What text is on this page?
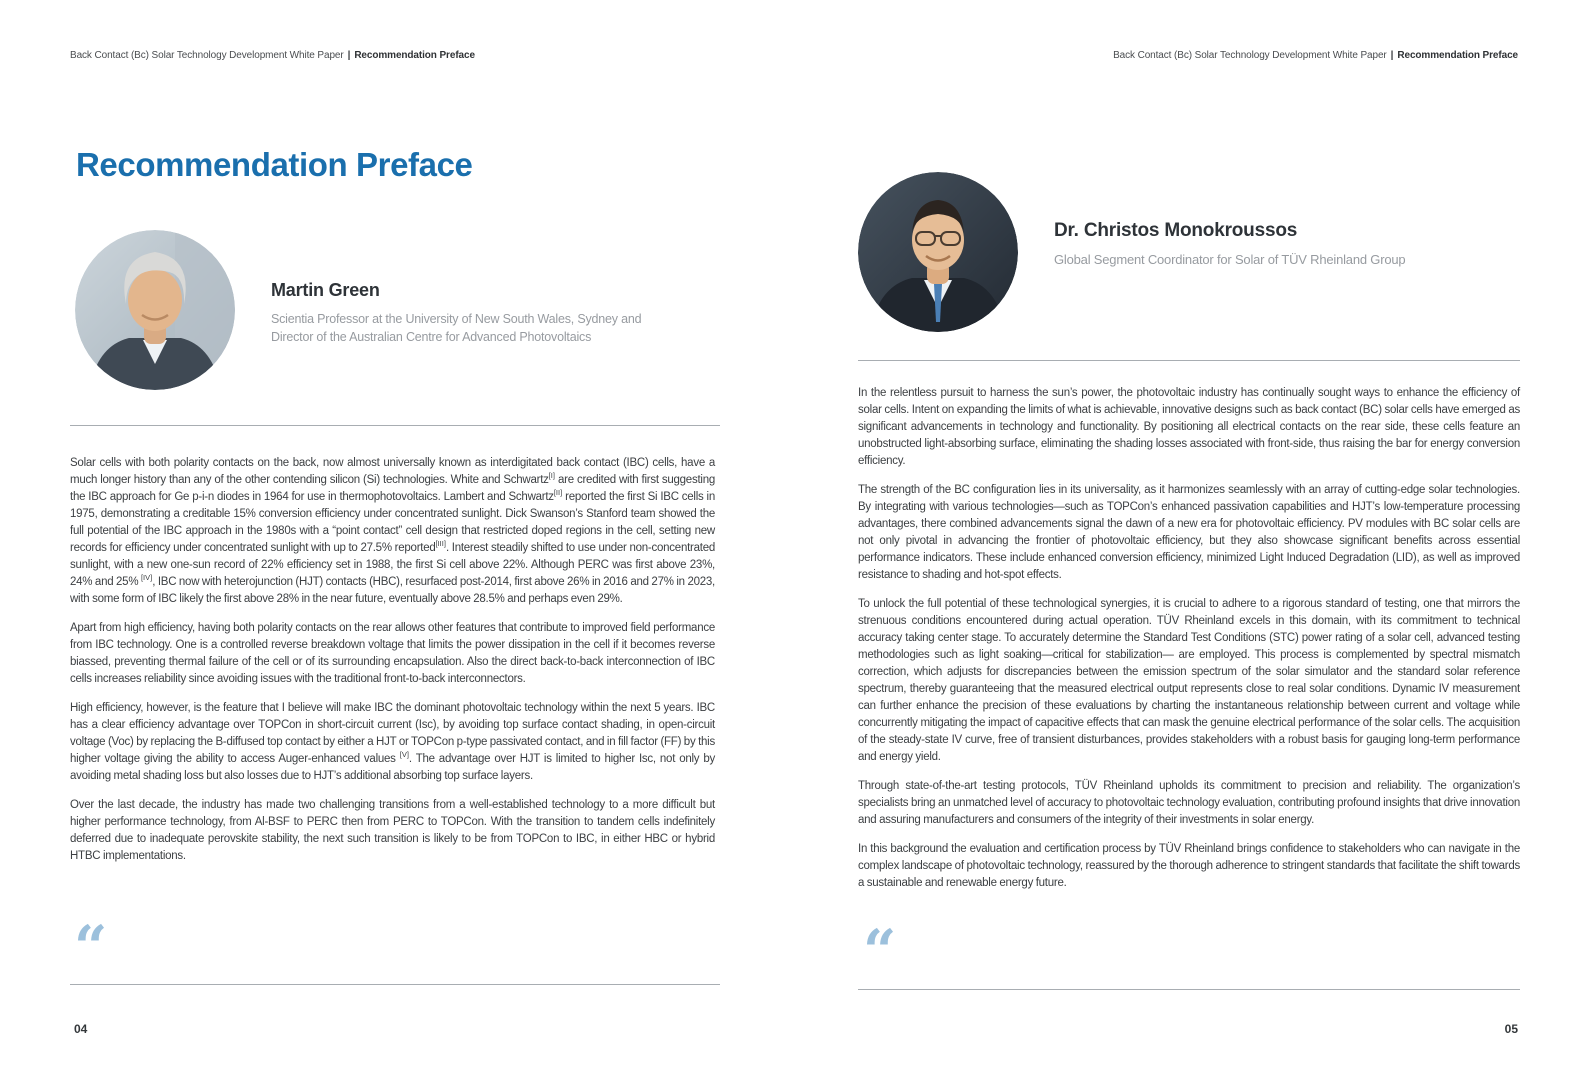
Back Contact (Bc) Solar Technology Development White Paper | Recommendation Preface
Recommendation Preface
Martin Green
Scientia Professor at the University of New South Wales, Sydney and Director of the Australian Centre for Advanced Photovoltaics

Solar cells with both polarity contacts on the back, now almost universally known as interdigitated back contact (IBC) cells, have a much longer history than any of the other contending silicon (Si) technologies. White and Schwartz[I] are credited with first suggesting the IBC approach for Ge p-i-n diodes in 1964 for use in thermophotovoltaics. Lambert and Schwartz[II] reported the first Si IBC cells in 1975, demonstrating a creditable 15% conversion efficiency under concentrated sunlight. Dick Swanson’s Stanford team showed the full potential of the IBC approach in the 1980s with a “point contact” cell design that restricted doped regions in the cell, setting new records for efficiency under concentrated sunlight with up to 27.5% reported[III]. Interest steadily shifted to use under non-concentrated sunlight, with a new one-sun record of 22% efficiency set in 1988, the first Si cell above 22%. Although PERC was first above 23%, 24% and 25% [IV], IBC now with heterojunction (HJT) contacts (HBC), resurfaced post-2014, first above 26% in 2016 and 27% in 2023, with some form of IBC likely the first above 28% in the near future, eventually above 28.5% and perhaps even 29%.

Apart from high efficiency, having both polarity contacts on the rear allows other features that contribute to improved field performance from IBC technology. One is a controlled reverse breakdown voltage that limits the power dissipation in the cell if it becomes reverse biassed, preventing thermal failure of the cell or of its surrounding encapsulation. Also the direct back-to-back interconnection of IBC cells increases reliability since avoiding issues with the traditional front-to-back interconnectors.

High efficiency, however, is the feature that I believe will make IBC the dominant photovoltaic technology within the next 5 years. IBC has a clear efficiency advantage over TOPCon in short-circuit current (Isc), by avoiding top surface contact shading, in open-circuit voltage (Voc) by replacing the B-diffused top contact by either a HJT or TOPCon p-type passivated contact, and in fill factor (FF) by this higher voltage giving the ability to access Auger-enhanced values [V]. The advantage over HJT is limited to higher Isc, not only by avoiding metal shading loss but also losses due to HJT’s additional absorbing top surface layers.

Over the last decade, the industry has made two challenging transitions from a well-established technology to a more difficult but higher performance technology, from Al-BSF to PERC then from PERC to TOPCon. With the transition to tandem cells indefinitely deferred due to inadequate perovskite stability, the next such transition is likely to be from TOPCon to IBC, in either HBC or hybrid HTBC implementations.

“
04
Back Contact (Bc) Solar Technology Development White Paper | Recommendation Preface
Dr. Christos Monokroussos
Global Segment Coordinator for Solar of TÜV Rheinland Group

In the relentless pursuit to harness the sun’s power, the photovoltaic industry has continually sought ways to enhance the efficiency of solar cells. Intent on expanding the limits of what is achievable, innovative designs such as back contact (BC) solar cells have emerged as significant advancements in technology and functionality. By positioning all electrical contacts on the rear side, these cells feature an unobstructed light-absorbing surface, eliminating the shading losses associated with front-side, thus raising the bar for energy conversion efficiency.

The strength of the BC configuration lies in its universality, as it harmonizes seamlessly with an array of cutting-edge solar technologies. By integrating with various technologies—such as TOPCon’s enhanced passivation capabilities and HJT’s low-temperature processing advantages, there combined advancements signal the dawn of a new era for photovoltaic efficiency. PV modules with BC solar cells are not only pivotal in advancing the frontier of photovoltaic efficiency, but they also showcase significant benefits across essential performance indicators. These include enhanced conversion efficiency, minimized Light Induced Degradation (LID), as well as improved resistance to shading and hot-spot effects.

To unlock the full potential of these technological synergies, it is crucial to adhere to a rigorous standard of testing, one that mirrors the strenuous conditions encountered during actual operation. TÜV Rheinland excels in this domain, with its commitment to technical accuracy taking center stage. To accurately determine the Standard Test Conditions (STC) power rating of a solar cell, advanced testing methodologies such as light soaking—critical for stabilization— are employed. This process is complemented by spectral mismatch correction, which adjusts for discrepancies between the emission spectrum of the solar simulator and the standard solar reference spectrum, thereby guaranteeing that the measured electrical output represents close to real solar conditions. Dynamic IV measurement can further enhance the precision of these evaluations by charting the instantaneous relationship between current and voltage while concurrently mitigating the impact of capacitive effects that can mask the genuine electrical performance of the solar cells. The acquisition of the steady-state IV curve, free of transient disturbances, provides stakeholders with a robust basis for gauging long-term performance and energy yield.

Through state-of-the-art testing protocols, TÜV Rheinland upholds its commitment to precision and reliability. The organization’s specialists bring an unmatched level of accuracy to photovoltaic technology evaluation, contributing profound insights that drive innovation and assuring manufacturers and consumers of the integrity of their investments in solar energy.

In this background the evaluation and certification process by TÜV Rheinland brings confidence to stakeholders who can navigate in the complex landscape of photovoltaic technology, reassured by the thorough adherence to stringent standards that facilitate the shift towards a sustainable and renewable energy future.

“
05
